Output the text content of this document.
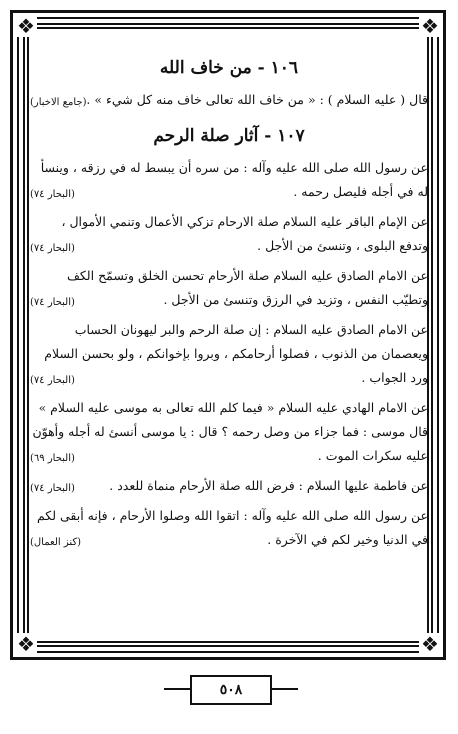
❖	❖
❖	❖
١٠٦ - من خاف الله

قال ( عليه السلام ) : « من خاف الله تعالى خاف منه كل شيء » .

(جامع الاخبار)
١٠٧ - آثار صلة الرحم

عن رسول الله صلى الله عليه وآله : من سره أن يبسط له في رزقه ، وينسأ له في أجله فليصل رحمه .

(البحار ٧٤)

عن الإمام الباقر عليه السلام صلة الارحام تزكي الأعمال وتنمي الأموال ، وتدفع البلوى ، وتنسئ من الأجل .

(البحار ٧٤)

عن الامام الصادق عليه السلام صلة الأرحام تحسن الخلق وتسمّح الكف وتطيّب النفس ، وتزيد في الرزق وتنسئ من الأجل .

(البحار ٧٤)

عن الامام الصادق عليه السلام : إن صلة الرحم والبر ليهونان الحساب ويعصمان من الذنوب ، فصلوا أرحامكم ، وبروا بإخوانكم ، ولو بحسن السلام ورد الجواب .

(البحار ٧٤)

عن الامام الهادي عليه السلام « فيما كلم الله تعالى به موسى عليه السلام » قال موسى : فما جزاء من وصل رحمه ؟ قال : يا موسى أنسئ له أجله وأهوّن عليه سكرات الموت .

(البحار ٦٩)

عن فاطمة عليها السلام : فرض الله صلة الأرحام منماة للعدد .

(البحار ٧٤)

عن رسول الله صلى الله عليه وآله : اتقوا الله وصلوا الأرحام ، فإنه أبقى لكم في الدنيا وخير لكم في الآخرة .

(كنز العمال)
٥٠٨
